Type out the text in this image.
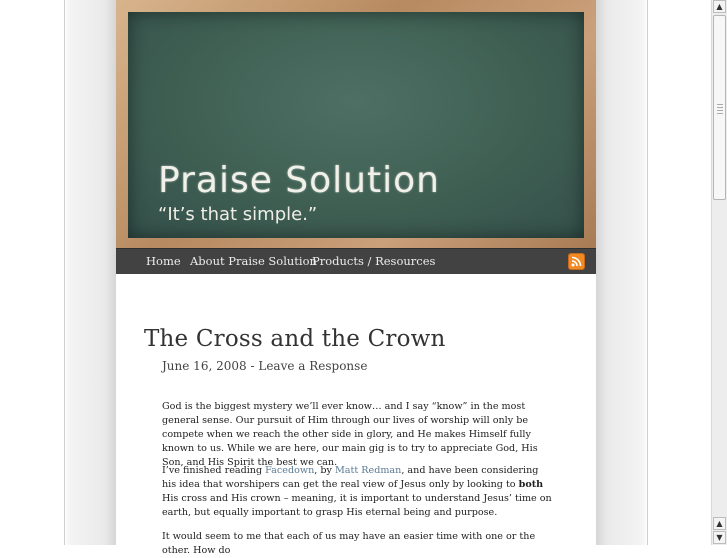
Praise Solution

“It’s that simple.”

Home About Praise Solution
Products / Resources
The Cross and the Crown
June 16, 2008 - Leave a Response

God is the biggest mystery we’ll ever know… and I say “know” in the most general sense. Our pursuit of Him through our lives of worship will only be compete when we reach the other side in glory, and He makes Himself fully known to us. While we are here, our main gig is to try to appreciate God, His Son, and His Spirit the best we can.

I’ve finished reading Facedown, by Matt Redman, and have been considering his idea that worshipers can get the real view of Jesus only by looking to both His cross and His crown – meaning, it is important to understand Jesus’ time on earth, but equally important to grasp His eternal being and purpose.

It would seem to me that each of us may have an easier time with one or the other. How do

▲
▲
▼
